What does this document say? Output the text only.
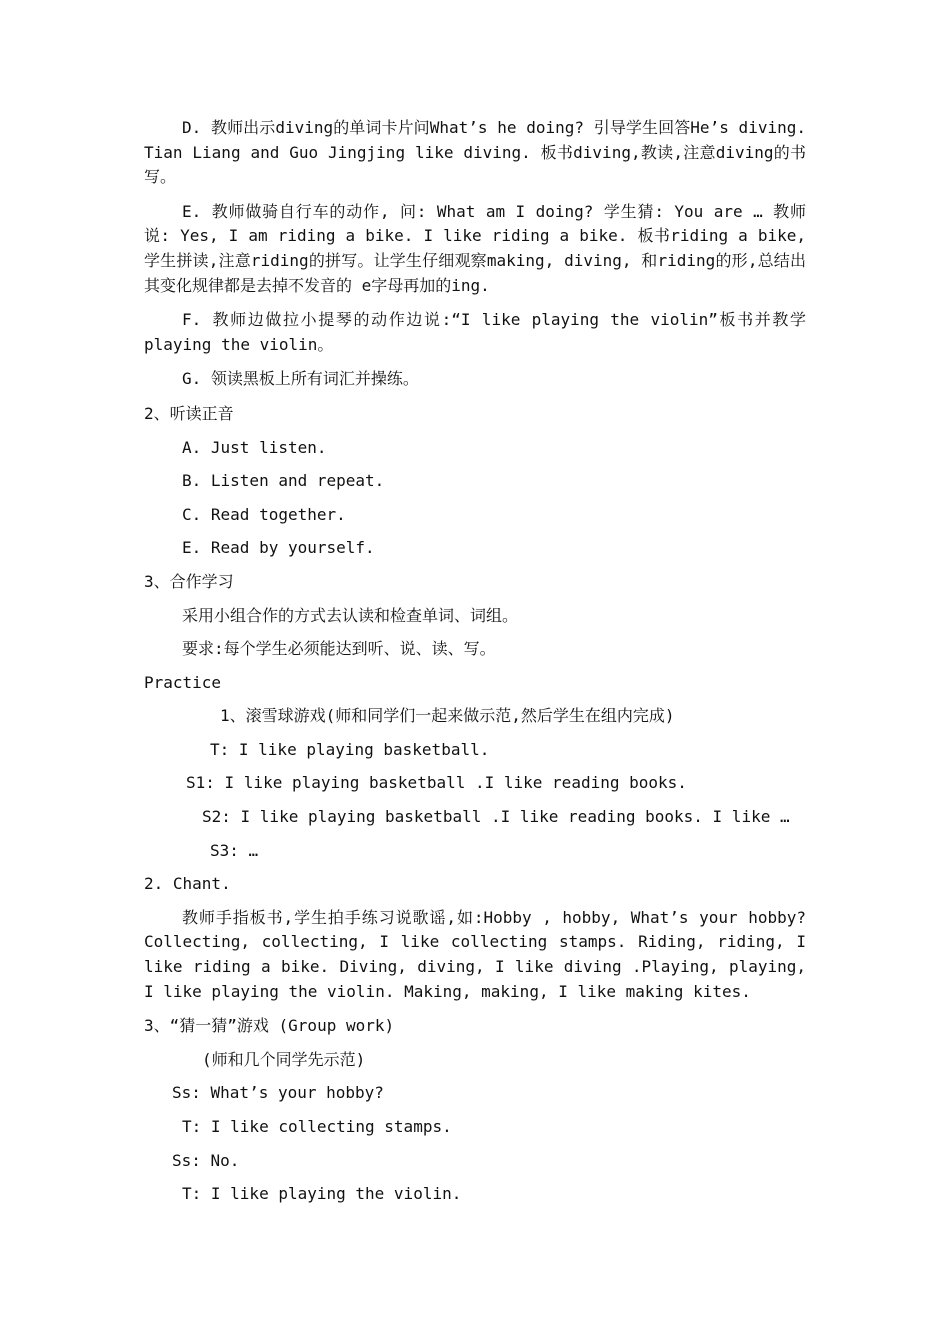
D. 教师出示diving的单词卡片问What’s he doing? 引导学生回答He’s diving. Tian Liang and Guo Jingjing like diving. 板书diving,教读,注意diving的书写。

E. 教师做骑自行车的动作, 问: What am I doing? 学生猜: You are … 教师说: Yes, I am riding a bike. I like riding a bike. 板书riding a bike,学生拼读,注意riding的拼写。让学生仔细观察making, diving, 和riding的形,总结出其变化规律都是去掉不发音的 e字母再加的ing.

F. 教师边做拉小提琴的动作边说:“I like playing the violin”板书并教学playing the violin。

G. 领读黑板上所有词汇并操练。

2、听读正音

A. Just listen.

B. Listen and repeat.

C. Read together.

E. Read by yourself.

3、合作学习

采用小组合作的方式去认读和检查单词、词组。

要求:每个学生必须能达到听、说、读、写。

Practice

1、滚雪球游戏(师和同学们一起来做示范,然后学生在组内完成)

T: I like playing basketball.

S1: I like playing basketball .I like reading books.

S2: I like playing basketball .I like reading books. I like …

S3: …

2. Chant.

教师手指板书,学生拍手练习说歌谣,如:Hobby , hobby, What’s your hobby? Collecting, collecting, I like collecting stamps. Riding, riding, I like riding a bike. Diving, diving, I like diving .Playing, playing, I like playing the violin. Making, making, I like making kites.

3、“猜一猜”游戏 (Group work)

(师和几个同学先示范)

Ss: What’s your hobby?

T: I like collecting stamps.

Ss: No.

T: I like playing the violin.
